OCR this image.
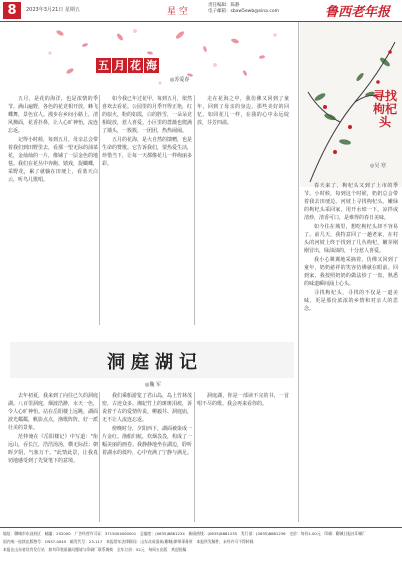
8	2023年3月21日 星期五	星 空
责任编辑：陈静
电子邮箱：sbxw5ewb@sina.com	鲁西老年报
五 月 花 海
◎苏爱春

五月，是花的海洋，也是浓情的季节。满山遍野，各色的花竞相开放，蜂飞蝶舞，景色宜人。漫步在乡间小路上，清风拂面，花香扑鼻，让人心旷神怡，流连忘返。

记得小时候，每到五月，母亲总会带着我们到田野里去，看那一望无际的油菜花，金灿灿的一片，像铺了一层金色的地毯。我们在花丛中奔跑、嬉戏，捉蝴蝶，采野花，累了就躺在田埂上，看蓝天白云，听鸟儿歌唱。

如今我已年过花甲，每到五月，依然喜欢去看花。公园里的月季开得正艳，红的似火，粉的如霞，白的胜雪，一朵朵竞相绽放，惹人喜爱。小区里的蔷薇也爬满了墙头，一簇簇，一团团，热热闹闹。

五月的花海，是大自然的馈赠，也是生命的赞歌。它告诉我们，要热爱生活，珍惜当下，让每一天都像花儿一样绚丽多彩。

走在花海之中，我仿佛又回到了童年，回到了母亲的身边。那些美好的回忆，如同花儿一样，在我的心中永远绽放，芬芳四溢。

洞庭湖记
◎魏 军

去年初夏，我来到了向往已久的洞庭湖。八百里洞庭，烟波浩渺，水天一色，令人心旷神怡。站在岳阳楼上远眺，湖面波光粼粼，帆影点点，渔歌阵阵，好一派壮美的景象。

范仲淹在《岳阳楼记》中写道："衔远山，吞长江，浩浩汤汤，横无际涯；朝晖夕阴，气象万千。"此情此景，让我真切地感受到了先贤笔下的意境。

我们乘船游览了君山岛，岛上竹林茂密，古迹众多。湘妃竹上的斑斑泪痕，诉说着千古的爱情传说。柳毅井、洞庭庙，无不让人流连忘返。

傍晚时分，夕阳西下，湖面被染成一片金红。渔船归航，炊烟袅袅，构成了一幅美丽的画卷。我静静地坐在湖边，聆听着湖水的低吟，心中充满了宁静与满足。

洞庭湖，你是一部读不完的书，一首唱不尽的歌。我会再来看你的。

寻找枸杞头
◎吴 寒

春天来了，枸杞头又到了上市的季节。小时候，每到这个时候，奶奶总会带着我去田埂边、河坡上寻找枸杞头。嫩绿的枸杞头采回家，用开水焯一下，凉拌或清炒，清香可口，是难得的春日美味。

如今住在城里，想吃枸杞头却不容易了。前几天，我特意回了一趟老家，在村头的河坡上终于找到了几丛枸杞，嫩芽刚刚冒出，绿油油的，十分惹人喜爱。

我小心翼翼地采摘着，仿佛又回到了童年，奶奶慈祥的笑容仿佛就在眼前。回到家，我按照奶奶的做法炒了一盘，熟悉的味道瞬间涌上心头。

寻找枸杞头，寻找的不仅是一道美味，更是那份浓浓的乡情和对亲人的思念。

地址：聊城市东昌府区　邮编：252000　广告经营许可证：3715004000001　总编室：(0635)8881234　新闻热线：(0635)8881235　发行部：(0635)8881236　定价：每份1.00元　印刷：聊城日报社印刷厂
国内统一连续出版物号：CN37-0045　邮发代号：23-117　本报常年法律顾问：山东众成清泰(聊城)律师事务所　本报所发稿件，未经许可不得转载
本报在山东省设有发行站　如有印装质量问题请与印刷厂联系调换　全年订价：52元　每周五出版　欢迎投稿
